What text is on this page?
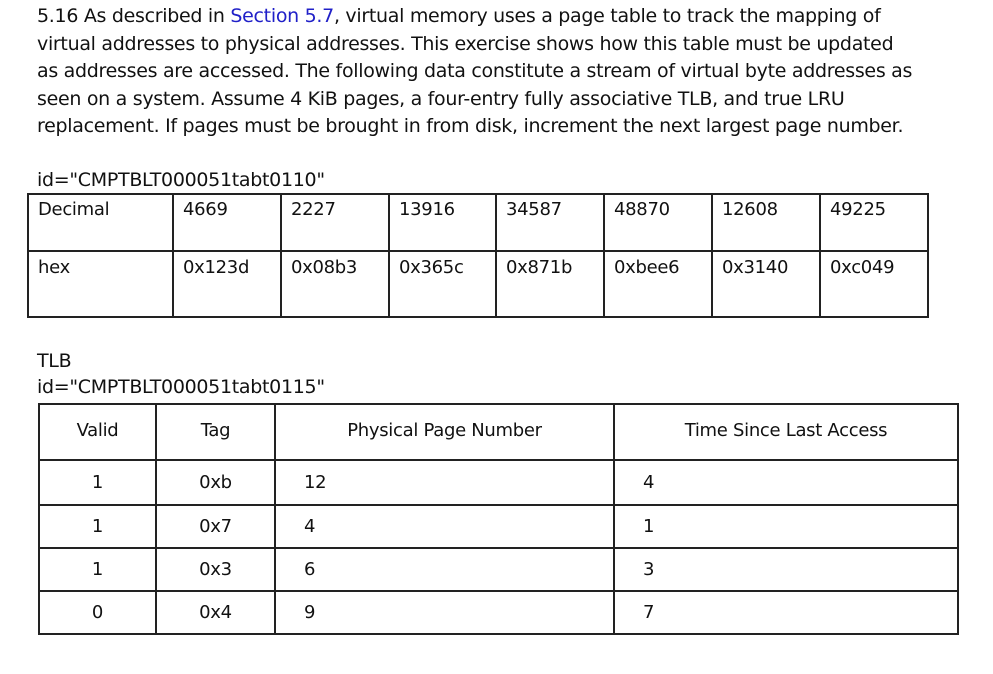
5.16 As described in Section 5.7, virtual memory uses a page table to track the mapping of virtual addresses to physical addresses. This exercise shows how this table must be updated as addresses are accessed. The following data constitute a stream of virtual byte addresses as seen on a system. Assume 4 KiB pages, a four-entry fully associative TLB, and true LRU replacement. If pages must be brought in from disk, increment the next largest page number.

id="CMPTBLT000051tabt0110"

Decimal	4669	2227	13916	34587	48870	12608	49225
hex	0x123d	0x08b3	0x365c	0x871b	0xbee6	0x3140	0xc049

TLB

id="CMPTBLT000051tabt0115"

Valid	Tag	Physical Page Number	Time Since Last Access
1	0xb	12	4
1	0x7	4	1
1	0x3	6	3
0	0x4	9	7
